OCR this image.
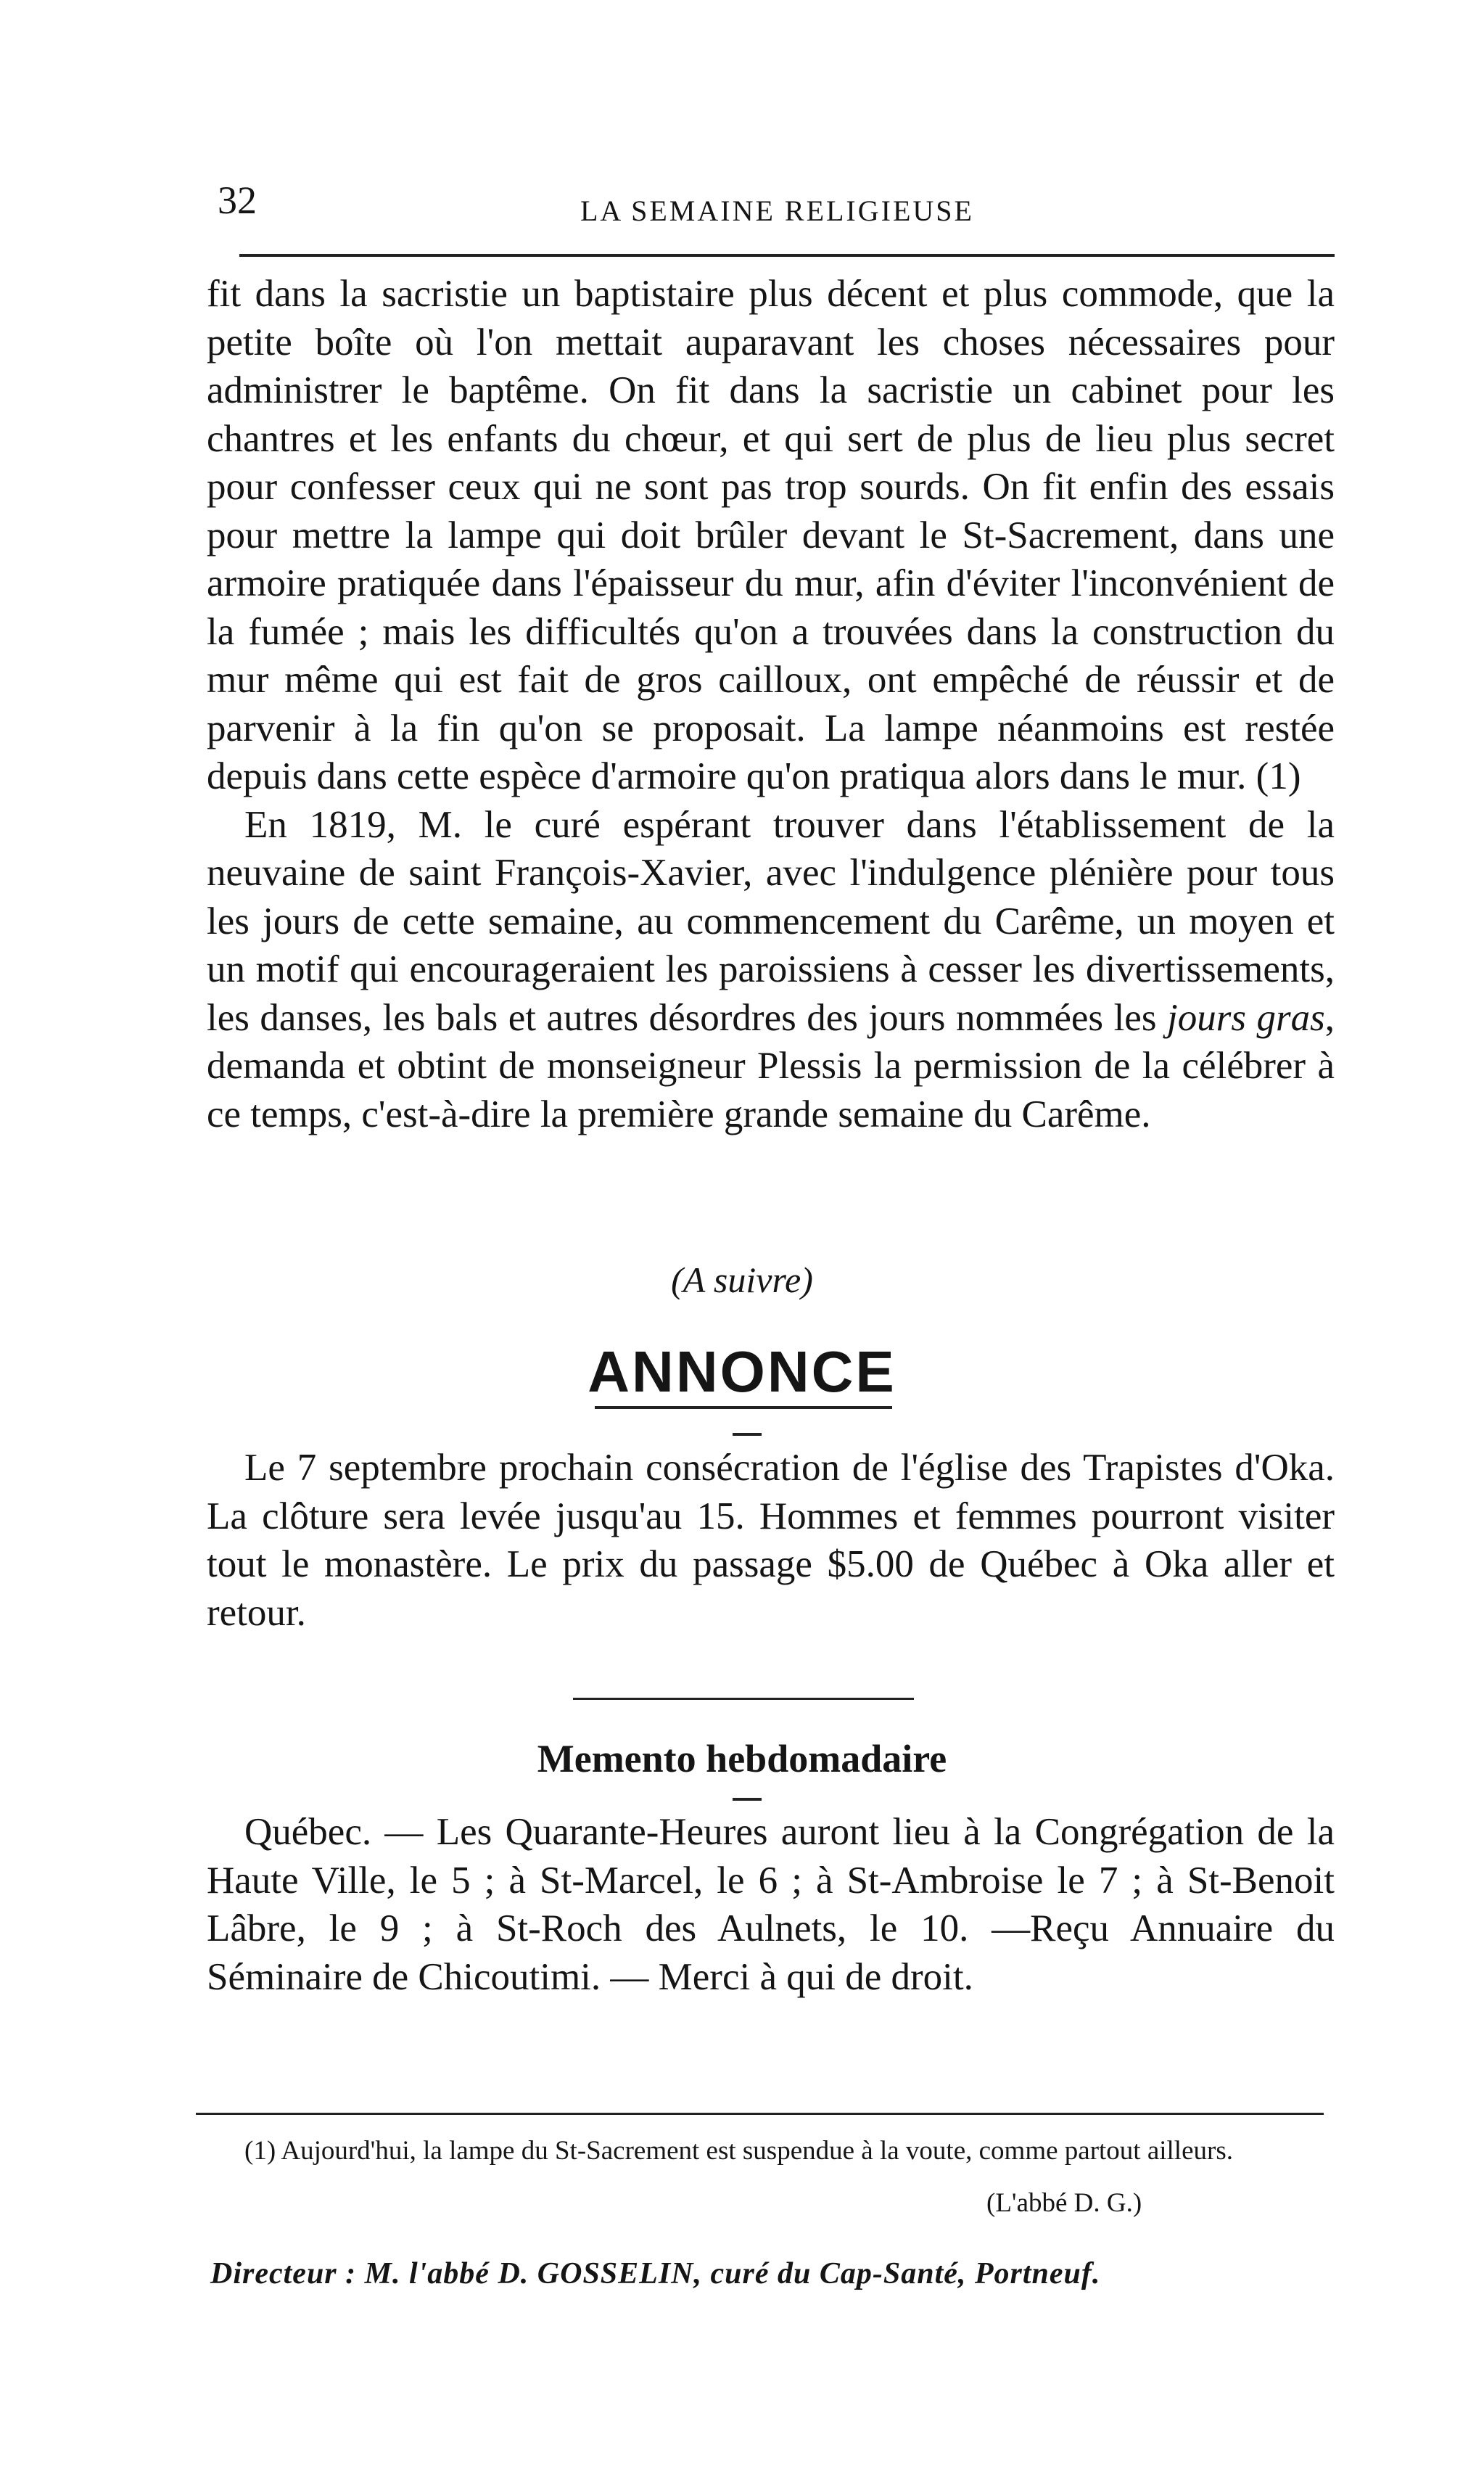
32	LA SEMAINE RELIGIEUSE

fit dans la sacristie un baptistaire plus décent et plus commode, que la petite boîte où l'on mettait auparavant les choses nécessaires pour administrer le baptême. On fit dans la sacristie un cabinet pour les chantres et les enfants du chœur, et qui sert de plus de lieu plus secret pour confesser ceux qui ne sont pas trop sourds. On fit enfin des essais pour mettre la lampe qui doit brûler devant le St-Sacrement, dans une armoire pratiquée dans l'épaisseur du mur, afin d'éviter l'inconvénient de la fumée ; mais les difficultés qu'on a trouvées dans la construction du mur même qui est fait de gros cailloux, ont empêché de réussir et de parvenir à la fin qu'on se proposait. La lampe néanmoins est restée depuis dans cette espèce d'armoire qu'on pratiqua alors dans le mur. (1)

En 1819, M. le curé espérant trouver dans l'établissement de la neuvaine de saint François-Xavier, avec l'indulgence plénière pour tous les jours de cette semaine, au commencement du Carême, un moyen et un motif qui encourageraient les paroissiens à cesser les divertissements, les danses, les bals et autres désordres des jours nommées les jours gras, demanda et obtint de monseigneur Plessis la permission de la célébrer à ce temps, c'est-à-dire la première grande semaine du Carême.

(A suivre)
ANNONCE

Le 7 septembre prochain consécration de l'église des Trapistes d'Oka. La clôture sera levée jusqu'au 15. Hommes et femmes pourront visiter tout le monastère. Le prix du passage $5.00 de Québec à Oka aller et retour.

Memento hebdomadaire

Québec. — Les Quarante-Heures auront lieu à la Congrégation de la Haute Ville, le 5 ; à St-Marcel, le 6 ; à St-Ambroise le 7 ; à St-Benoit Lâbre, le 9 ; à St-Roch des Aulnets, le 10. —Reçu Annuaire du Séminaire de Chicoutimi. — Merci à qui de droit.

(1) Aujourd'hui, la lampe du St-Sacrement est suspendue à la voute, comme partout ailleurs.

(L'abbé D. G.)
Directeur : M. l'abbé D. GOSSELIN, curé du Cap-Santé, Portneuf.
